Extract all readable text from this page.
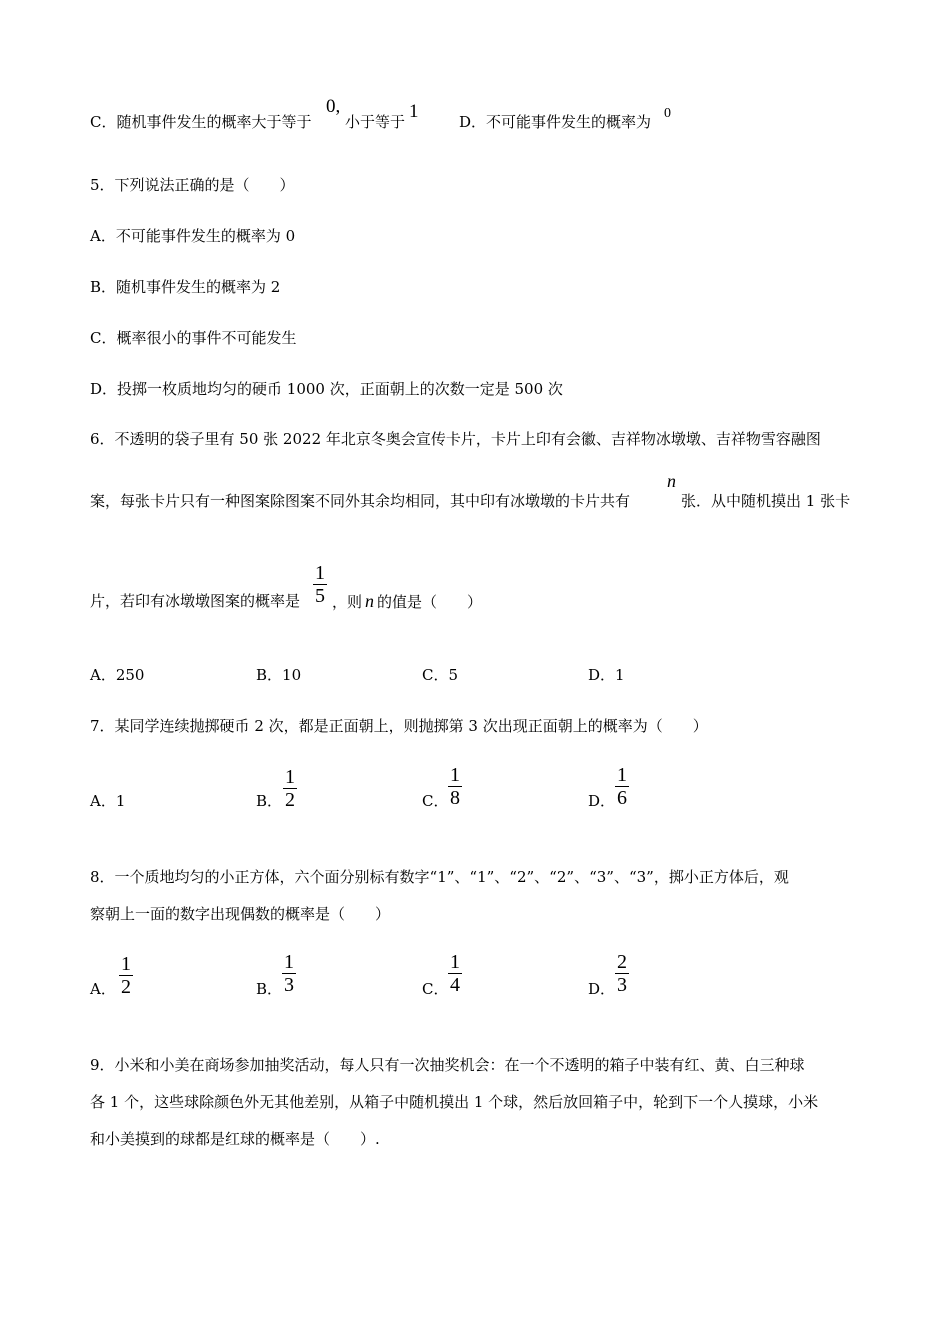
C．随机事件发生的概率大于等于
0,
小于等于 1	D．不可能事件发生的概率为 0
5．下列说法正确的是（　　）
A．不可能事件发生的概率为 0
B．随机事件发生的概率为 2
C．概率很小的事件不可能发生
D．投掷一枚质地均匀的硬币 1000 次，正面朝上的次数一定是 500 次
6．不透明的袋子里有 50 张 2022 年北京冬奥会宣传卡片，卡片上印有会徽、吉祥物冰墩墩、吉祥物雪容融图
案，每张卡片只有一种图案除图案不同外其余均相同，其中印有冰墩墩的卡片共有
n
张．从中随机摸出 1 张卡
片，若印有冰墩墩图案的概率是
1
5 ，则 n 的值是（　　）
A．250	B．10	C．5	D．1
7．某同学连续抛掷硬币 2 次，都是正面朝上，则抛掷第 3 次出现正面朝上的概率为（　　）
A．1	B．
1
2	C．
1
8	D．
1
6
8．一个质地均匀的小正方体，六个面分别标有数字“1”、“1”、“2”、“2”、“3”、“3”，掷小正方体后，观
察朝上一面的数字出现偶数的概率是（　　）
A．
1
2	B．
1
3	C．
1
4	D．
2
3
9．小米和小美在商场参加抽奖活动，每人只有一次抽奖机会：在一个不透明的箱子中装有红、黄、白三种球
各 1 个，这些球除颜色外无其他差别，从箱子中随机摸出 1 个球，然后放回箱子中，轮到下一个人摸球，小米
和小美摸到的球都是红球的概率是（　　）.
